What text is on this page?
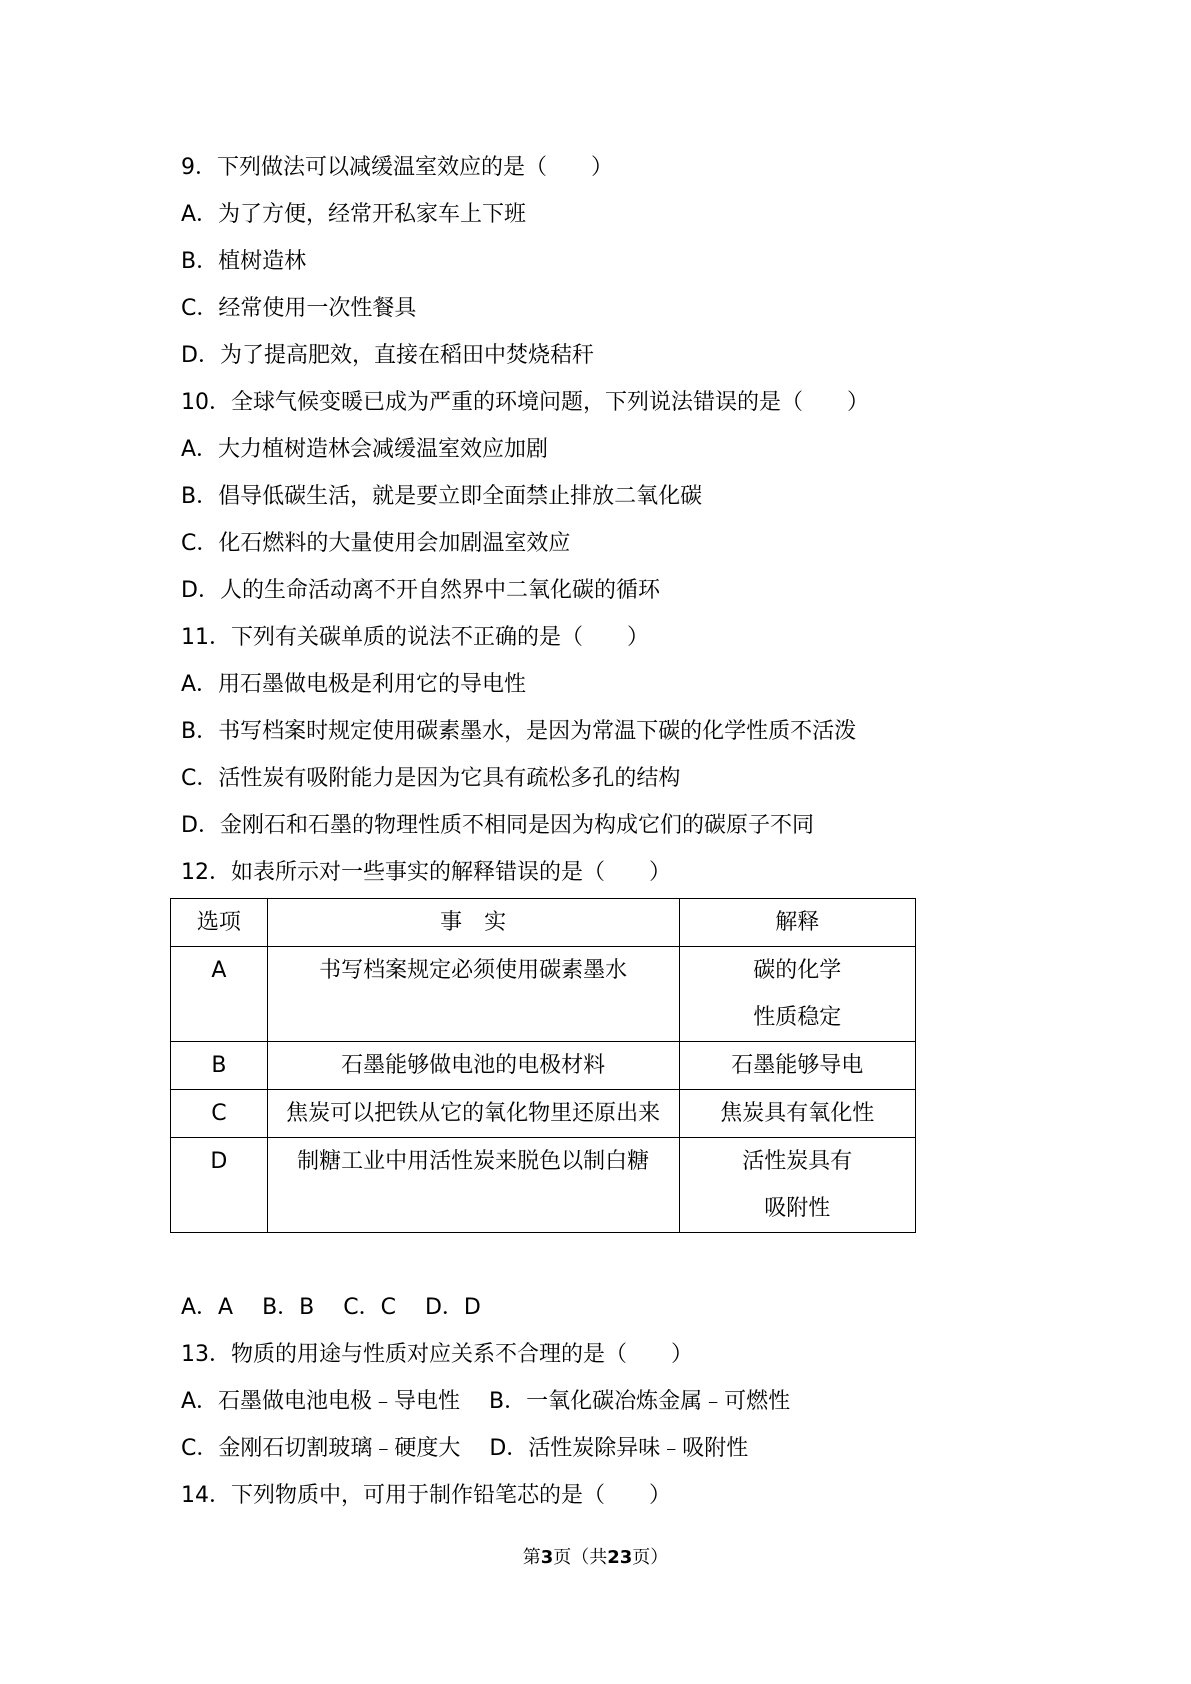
9．下列做法可以减缓温室效应的是（　　）
A．为了方便，经常开私家车上下班
B．植树造林
C．经常使用一次性餐具
D．为了提高肥效，直接在稻田中焚烧秸秆
10．全球气候变暖已成为严重的环境问题，下列说法错误的是（　　）
A．大力植树造林会减缓温室效应加剧
B．倡导低碳生活，就是要立即全面禁止排放二氧化碳
C．化石燃料的大量使用会加剧温室效应
D．人的生命活动离不开自然界中二氧化碳的循环
11．下列有关碳单质的说法不正确的是（　　）
A．用石墨做电极是利用它的导电性
B．书写档案时规定使用碳素墨水，是因为常温下碳的化学性质不活泼
C．活性炭有吸附能力是因为它具有疏松多孔的结构
D．金刚石和石墨的物理性质不相同是因为构成它们的碳原子不同
12．如表所示对一些事实的解释错误的是（　　）
选项	事　实	解释
A	书写档案规定必须使用碳素墨水	碳的化学
性质稳定

B	石墨能够做电池的电极材料	石墨能够导电

C	焦炭可以把铁从它的氧化物里还原出来	焦炭具有氧化性

D	制糖工业中用活性炭来脱色以制白糖	活性炭具有
吸附性
A．A　 B．B　 C．C　 D．D
13．物质的用途与性质对应关系不合理的是（　　）
A．石墨做电池电极﹣导电性　 B．一氧化碳冶炼金属﹣可燃性
C．金刚石切割玻璃﹣硬度大　 D．活性炭除异味﹣吸附性
14．下列物质中，可用于制作铅笔芯的是（　　）
第3页（共23页）
